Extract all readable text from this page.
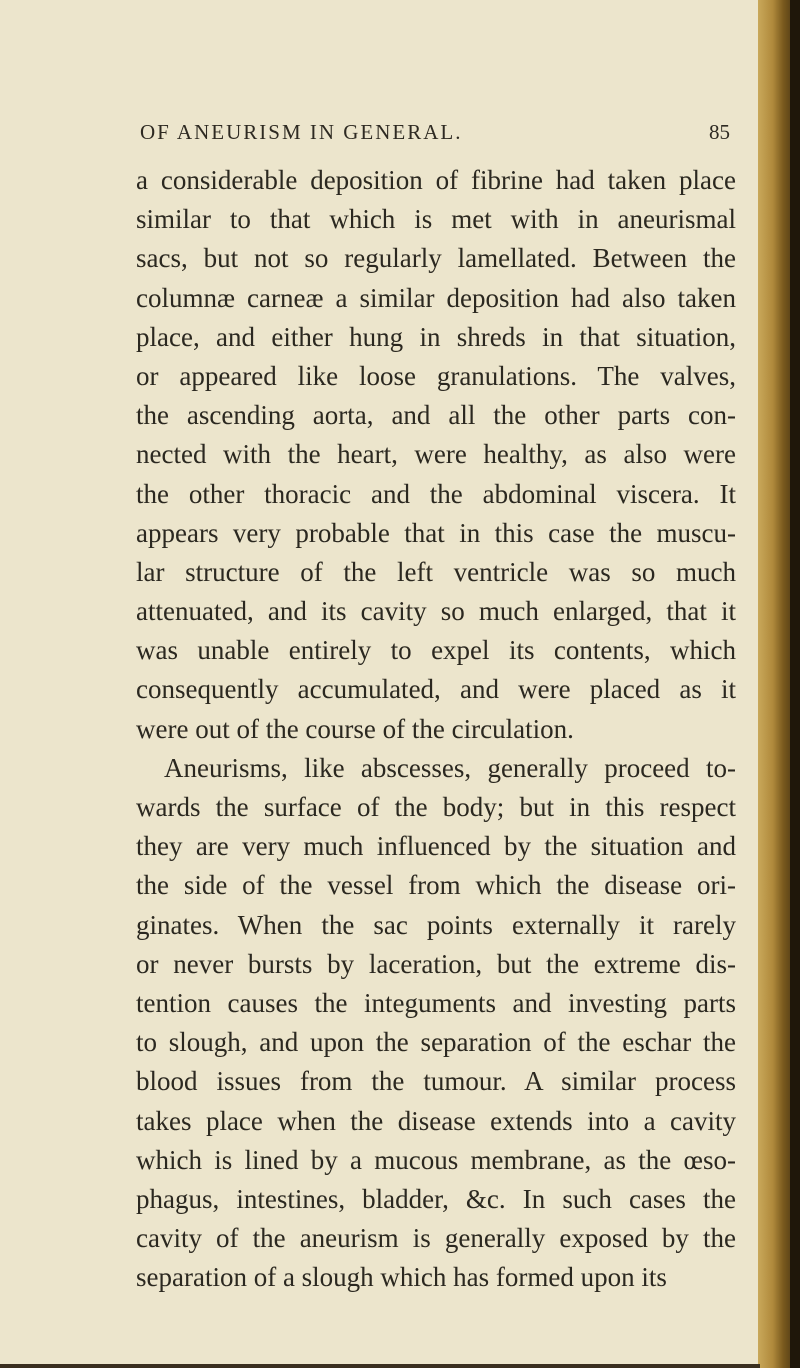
OF ANEURISM IN GENERAL.	85
a considerable deposition of fibrine had taken place
similar to that which is met with in aneurismal
sacs, but not so regularly lamellated. Between the
columnæ carneæ a similar deposition had also taken
place, and either hung in shreds in that situation,
or appeared like loose granulations. The valves,
the ascending aorta, and all the other parts con-
nected with the heart, were healthy, as also were
the other thoracic and the abdominal viscera. It
appears very probable that in this case the muscu-
lar structure of the left ventricle was so much
attenuated, and its cavity so much enlarged, that it
was unable entirely to expel its contents, which
consequently accumulated, and were placed as it
were out of the course of the circulation.
Aneurisms, like abscesses, generally proceed to-
wards the surface of the body; but in this respect
they are very much influenced by the situation and
the side of the vessel from which the disease ori-
ginates. When the sac points externally it rarely
or never bursts by laceration, but the extreme dis-
tention causes the integuments and investing parts
to slough, and upon the separation of the eschar the
blood issues from the tumour. A similar process
takes place when the disease extends into a cavity
which is lined by a mucous membrane, as the œso-
phagus, intestines, bladder, &c. In such cases the
cavity of the aneurism is generally exposed by the
separation of a slough which has formed upon its
